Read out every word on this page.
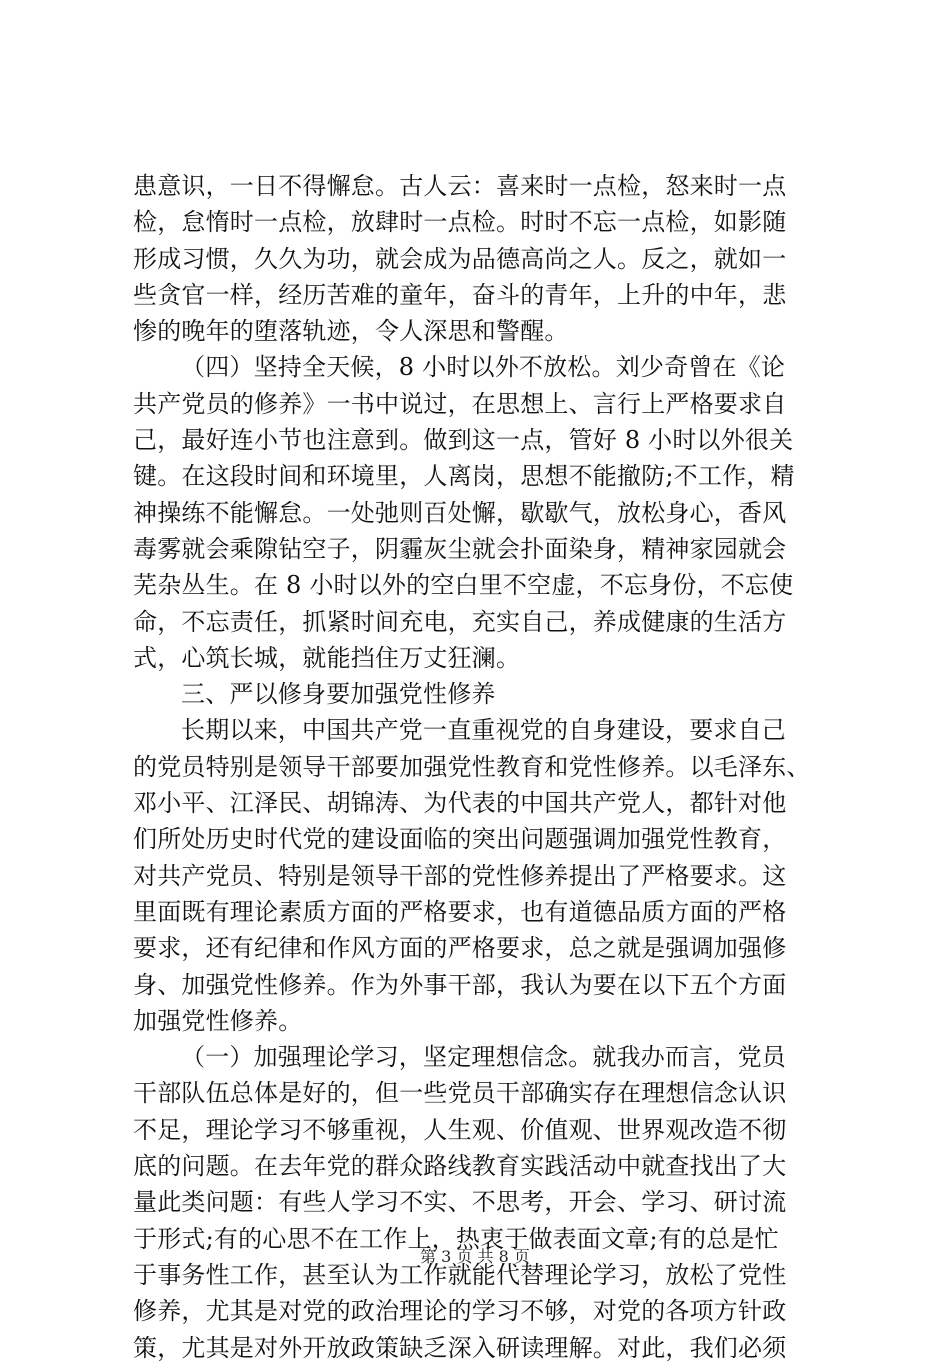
患意识，一日不得懈怠。古人云：喜来时一点检，怒来时一点
检，怠惰时一点检，放肆时一点检。时时不忘一点检，如影随
形成习惯，久久为功，就会成为品德高尚之人。反之，就如一
些贪官一样，经历苦难的童年，奋斗的青年，上升的中年，悲
惨的晚年的堕落轨迹，令人深思和警醒。
（四）坚持全天候，8 小时以外不放松。刘少奇曾在《论
共产党员的修养》一书中说过，在思想上、言行上严格要求自
己，最好连小节也注意到。做到这一点，管好 8 小时以外很关
键。在这段时间和环境里，人离岗，思想不能撤防;不工作，精
神操练不能懈怠。一处弛则百处懈，歇歇气，放松身心，香风
毒雾就会乘隙钻空子，阴霾灰尘就会扑面染身，精神家园就会
芜杂丛生。在 8 小时以外的空白里不空虚，不忘身份，不忘使
命，不忘责任，抓紧时间充电，充实自己，养成健康的生活方
式，心筑长城，就能挡住万丈狂澜。
三、严以修身要加强党性修养
长期以来，中国共产党一直重视党的自身建设，要求自己
的党员特别是领导干部要加强党性教育和党性修养。以毛泽东、
邓小平、江泽民、胡锦涛、为代表的中国共产党人，都针对他
们所处历史时代党的建设面临的突出问题强调加强党性教育，
对共产党员、特别是领导干部的党性修养提出了严格要求。这
里面既有理论素质方面的严格要求，也有道德品质方面的严格
要求，还有纪律和作风方面的严格要求，总之就是强调加强修
身、加强党性修养。作为外事干部，我认为要在以下五个方面
加强党性修养。
（一）加强理论学习，坚定理想信念。就我办而言，党员
干部队伍总体是好的，但一些党员干部确实存在理想信念认识
不足，理论学习不够重视，人生观、价值观、世界观改造不彻
底的问题。在去年党的群众路线教育实践活动中就查找出了大
量此类问题：有些人学习不实、不思考，开会、学习、研讨流
于形式;有的心思不在工作上，热衷于做表面文章;有的总是忙
于事务性工作，甚至认为工作就能代替理论学习，放松了党性
修养，尤其是对党的政治理论的学习不够，对党的各项方针政
策，尤其是对外开放政策缺乏深入研读理解。对此，我们必须
第 3 页 共 8 页
